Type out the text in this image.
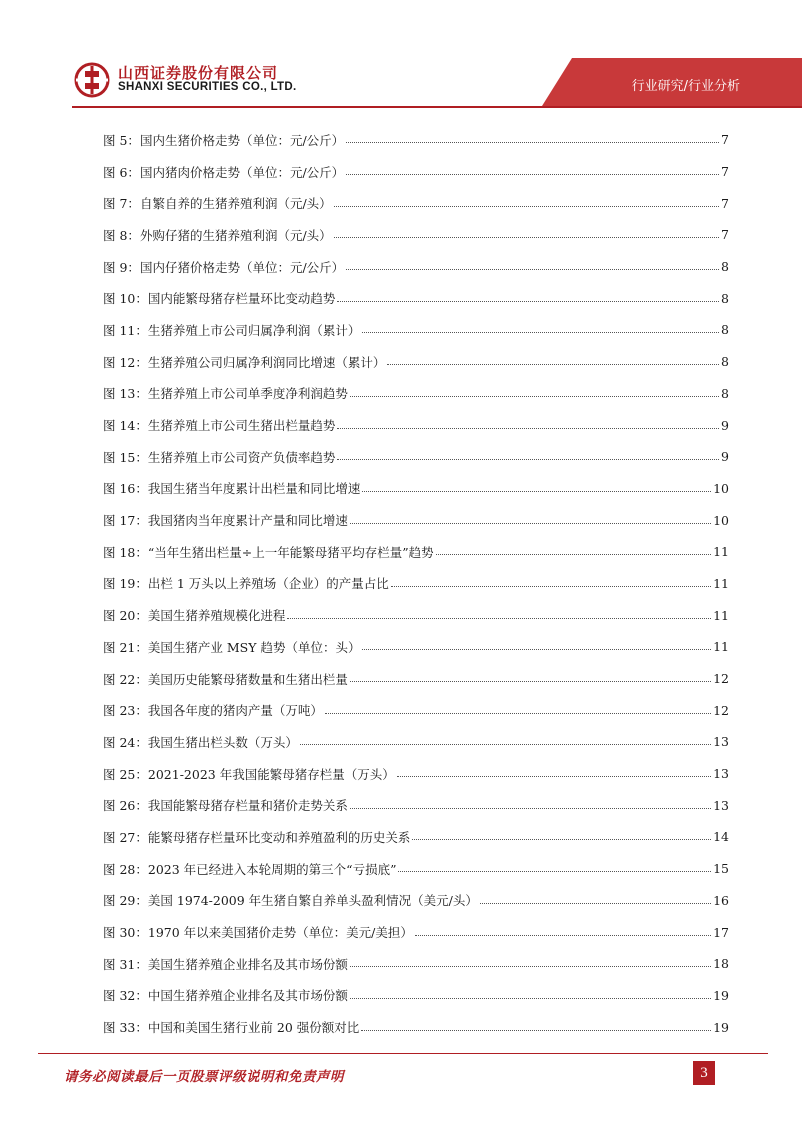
行业研究/行业分析
山西证券股份有限公司
SHANXI SECURITIES CO., LTD.
图 5： 国内生猪价格走势（单位：元/公斤）	7
图 6： 国内猪肉价格走势（单位：元/公斤）	7
图 7： 自繁自养的生猪养殖利润（元/头）	7
图 8： 外购仔猪的生猪养殖利润（元/头）	7
图 9： 国内仔猪价格走势（单位：元/公斤）	8
图 10： 国内能繁母猪存栏量环比变动趋势	8
图 11： 生猪养殖上市公司归属净利润（累计）	8
图 12： 生猪养殖公司归属净利润同比增速（累计）	8
图 13： 生猪养殖上市公司单季度净利润趋势	8
图 14： 生猪养殖上市公司生猪出栏量趋势	9
图 15： 生猪养殖上市公司资产负债率趋势	9
图 16： 我国生猪当年度累计出栏量和同比增速	10
图 17： 我国猪肉当年度累计产量和同比增速	10
图 18： “当年生猪出栏量÷上一年能繁母猪平均存栏量”趋势	11
图 19： 出栏 1 万头以上养殖场（企业）的产量占比	11
图 20： 美国生猪养殖规模化进程	11
图 21： 美国生猪产业 MSY 趋势（单位：头）	11
图 22： 美国历史能繁母猪数量和生猪出栏量	12
图 23： 我国各年度的猪肉产量（万吨）	12
图 24： 我国生猪出栏头数（万头）	13
图 25： 2021-2023 年我国能繁母猪存栏量（万头）	13
图 26： 我国能繁母猪存栏量和猪价走势关系	13
图 27： 能繁母猪存栏量环比变动和养殖盈利的历史关系	14
图 28： 2023 年已经进入本轮周期的第三个“亏损底”	15
图 29： 美国 1974-2009 年生猪自繁自养单头盈利情况（美元/头）	16
图 30： 1970 年以来美国猪价走势（单位：美元/美担）	17
图 31： 美国生猪养殖企业排名及其市场份额	18
图 32： 中国生猪养殖企业排名及其市场份额	19
图 33： 中国和美国生猪行业前 20 强份额对比	19
请务必阅读最后一页股票评级说明和免责声明	3
